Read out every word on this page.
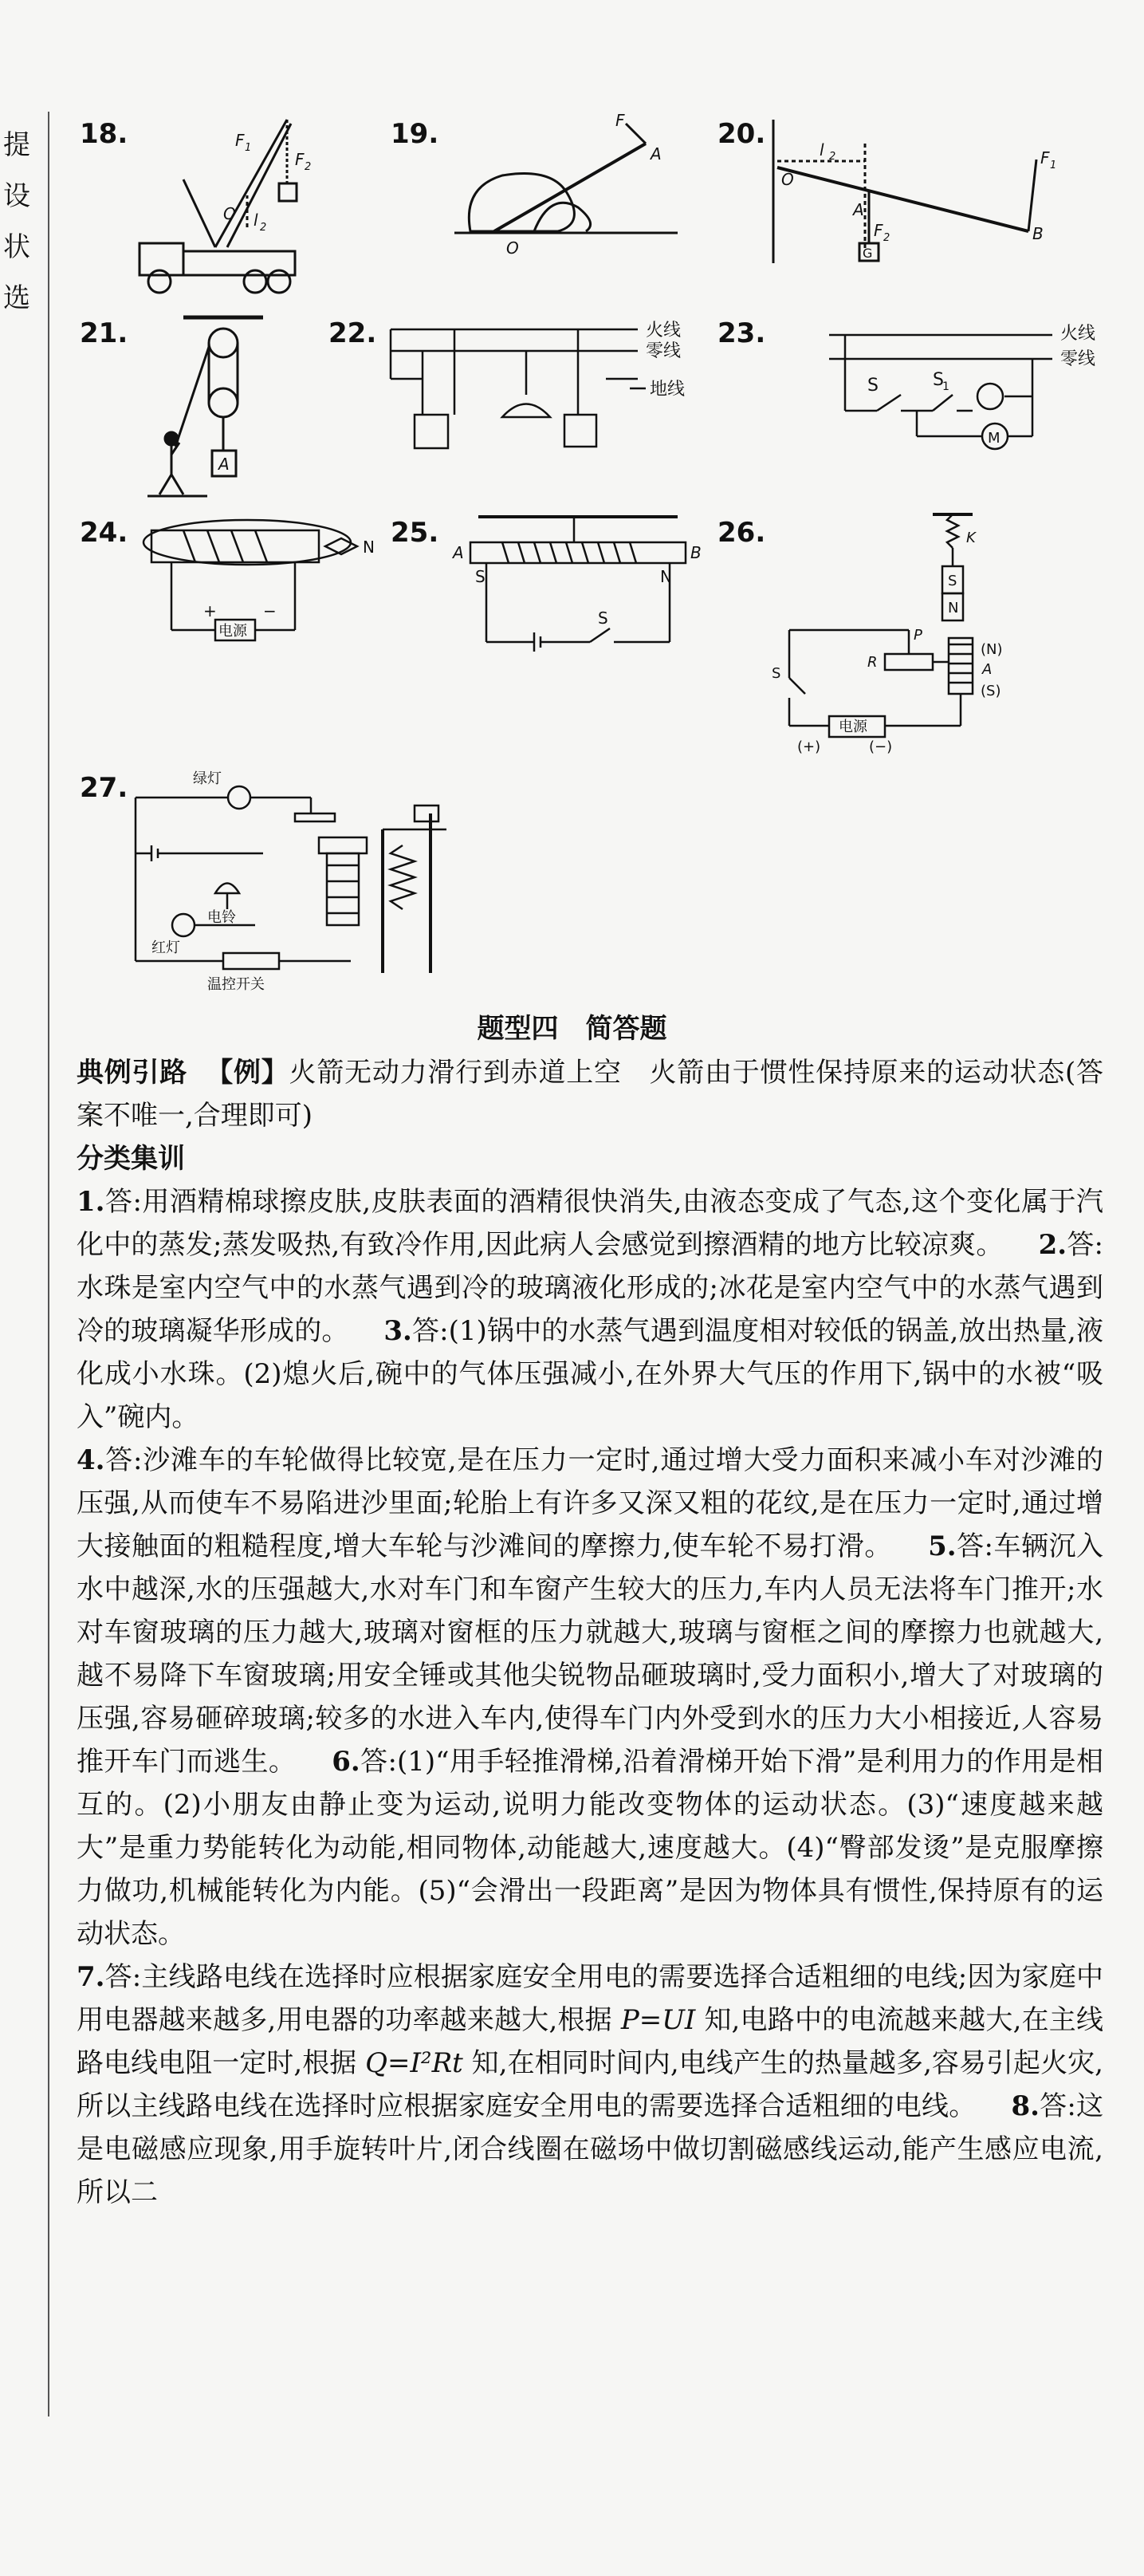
提
设
状
选
18.	F 1
F 2
O l 2
19.	F
A
O
20.
O
l 2	F 1
A
F 2	B
G
21.
A
22.	火线
零线
地线
23.	火线
零线
S	S
1
M
24.	N
+	−
电源
25.
A	B
S
N
S
26.	K
S
N
P
R
(N)
A
(S)
S
电源
(+)	(−)
27.	绿灯
电铃
红灯
温控开关
题型四　简答题

典例引路 【例】火箭无动力滑行到赤道上空　火箭由于惯性保持原来的运动状态(答案不唯一,合理即可)

分类集训

1.答:用酒精棉球擦皮肤,皮肤表面的酒精很快消失,由液态变成了气态,这个变化属于汽化中的蒸发;蒸发吸热,有致冷作用,因此病人会感觉到擦酒精的地方比较凉爽。 2.答:水珠是室内空气中的水蒸气遇到冷的玻璃液化形成的;冰花是室内空气中的水蒸气遇到冷的玻璃凝华形成的。 3.答:(1)锅中的水蒸气遇到温度相对较低的锅盖,放出热量,液化成小水珠。(2)熄火后,碗中的气体压强减小,在外界大气压的作用下,锅中的水被“吸入”碗内。

4.答:沙滩车的车轮做得比较宽,是在压力一定时,通过增大受力面积来减小车对沙滩的压强,从而使车不易陷进沙里面;轮胎上有许多又深又粗的花纹,是在压力一定时,通过增大接触面的粗糙程度,增大车轮与沙滩间的摩擦力,使车轮不易打滑。 5.答:车辆沉入水中越深,水的压强越大,水对车门和车窗产生较大的压力,车内人员无法将车门推开;水对车窗玻璃的压力越大,玻璃对窗框的压力就越大,玻璃与窗框之间的摩擦力也就越大,越不易降下车窗玻璃;用安全锤或其他尖锐物品砸玻璃时,受力面积小,增大了对玻璃的压强,容易砸碎玻璃;较多的水进入车内,使得车门内外受到水的压力大小相接近,人容易推开车门而逃生。 6.答:(1)“用手轻推滑梯,沿着滑梯开始下滑”是利用力的作用是相互的。(2)小朋友由静止变为运动,说明力能改变物体的运动状态。(3)“速度越来越大”是重力势能转化为动能,相同物体,动能越大,速度越大。(4)“臀部发烫”是克服摩擦力做功,机械能转化为内能。(5)“会滑出一段距离”是因为物体具有惯性,保持原有的运动状态。

7.答:主线路电线在选择时应根据家庭安全用电的需要选择合适粗细的电线;因为家庭中用电器越来越多,用电器的功率越来越大,根据 P=UI 知,电路中的电流越来越大,在主线路电线电阻一定时,根据 Q=I²Rt 知,在相同时间内,电线产生的热量越多,容易引起火灾,所以主线路电线在选择时应根据家庭安全用电的需要选择合适粗细的电线。 8.答:这是电磁感应现象,用手旋转叶片,闭合线圈在磁场中做切割磁感线运动,能产生感应电流,所以二
